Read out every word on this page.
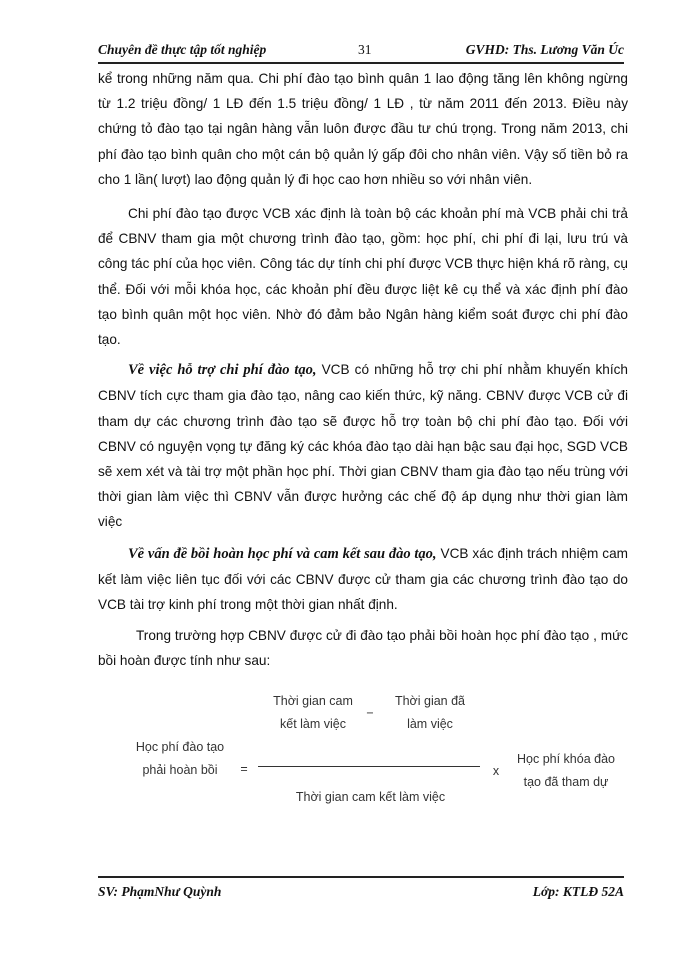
Chuyên đề thực tập tốt nghiệp	31	GVHD: Ths. Lương Văn Úc

kể trong những năm qua. Chi phí đào tạo bình quân 1 lao động tăng lên không ngừng từ 1.2 triệu đồng/ 1 LĐ đến 1.5 triệu đồng/ 1 LĐ , từ năm 2011 đến 2013. Điều này chứng tỏ đào tạo tại ngân hàng vẫn luôn được đầu tư chú trọng. Trong năm 2013, chi phí đào tạo bình quân cho một cán bộ quản lý gấp đôi cho nhân viên. Vậy số tiền bỏ ra cho 1 lần( lượt) lao động quản lý đi học cao hơn nhiều so với nhân viên.

Chi phí đào tạo được VCB xác định là toàn bộ các khoản phí mà VCB phải chi trả để CBNV tham gia một chương trình đào tạo, gồm: học phí, chi phí đi lại, lưu trú và công tác phí của học viên. Công tác dự tính chi phí được VCB thực hiện khá rõ ràng, cụ thể. Đối với mỗi khóa học, các khoản phí đều được liệt kê cụ thể và xác định phí đào tạo bình quân một học viên. Nhờ đó đảm bảo Ngân hàng kiểm soát được chi phí đào tạo.

Về việc hỗ trợ chi phí đào tạo, VCB có những hỗ trợ chi phí nhằm khuyến khích CBNV tích cực tham gia đào tạo, nâng cao kiến thức, kỹ năng. CBNV được VCB cử đi tham dự các chương trình đào tạo sẽ được hỗ trợ toàn bộ chi phí đào tạo. Đối với CBNV có nguyện vọng tự đăng ký các khóa đào tạo dài hạn bậc sau đại học, SGD VCB sẽ xem xét và tài trợ một phần học phí. Thời gian CBNV tham gia đào tạo nếu trùng với thời gian làm việc thì CBNV vẫn được hưởng các chế độ áp dụng như thời gian làm việc

Về vấn đề bồi hoàn học phí và cam kết sau đào tạo, VCB xác định trách nhiệm cam kết làm việc liên tục đối với các CBNV được cử tham gia các chương trình đào tạo do VCB tài trợ kinh phí trong một thời gian nhất định.

Trong trường hợp CBNV được cử đi đào tạo phải bồi hoàn học phí đào tạo , mức bồi hoàn được tính như sau:

Học phí đào tạo
phải hoàn bồi	=
Thời gian cam
kết làm việc
−
Thời gian đã
làm việc
Thời gian cam kết làm việc
x
Học phí khóa đào
tạo đã tham dự
SV: PhạmNhư Quỳnh	Lớp: KTLĐ 52A
